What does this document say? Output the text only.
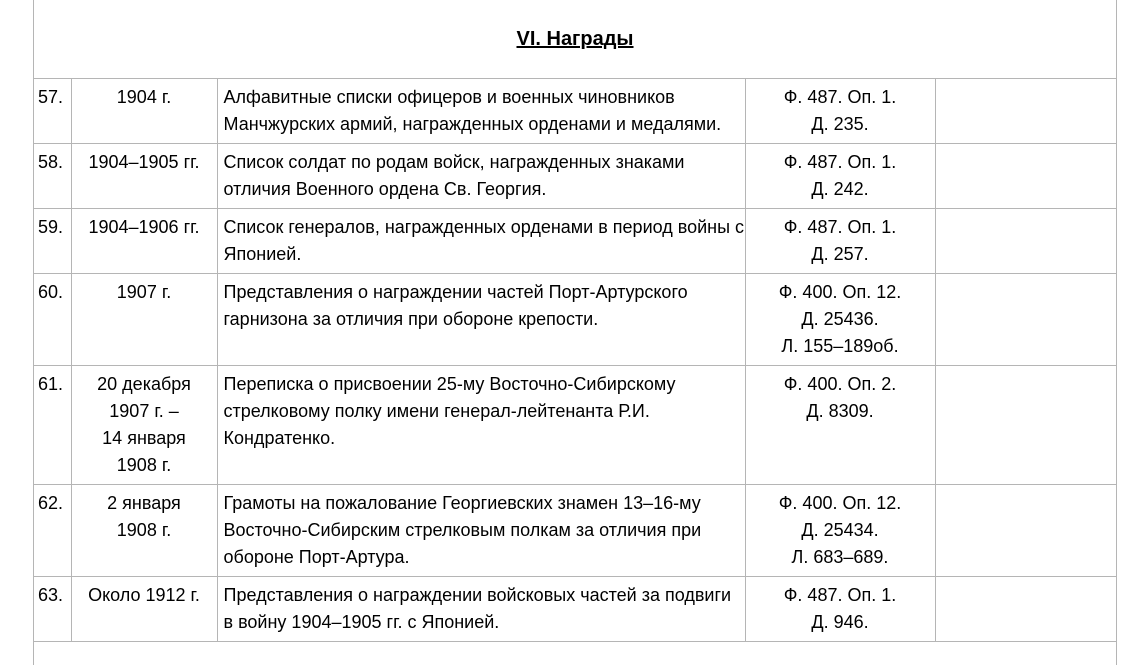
VI. Награды
57.	1904 г.	Алфавитные списки офицеров и военных чиновников Манчжурских армий, награжденных орденами и медалями.	Ф. 487. Оп. 1.
Д. 235.	

58.	1904–1905 гг.	Список солдат по родам войск, награжденных знаками отличия Военного ордена Св. Георгия.	Ф. 487. Оп. 1.
Д. 242.	

59.	1904–1906 гг.	Список генералов, награжденных орденами в период войны с Японией.	Ф. 487. Оп. 1.
Д. 257.	

60.	1907 г.	Представления о награждении частей Порт-Артурского гарнизона за отличия при обороне крепости.	Ф. 400. Оп. 12.
Д. 25436.
Л. 155–189об.	

61.	20 декабря
1907 г. –
14 января
1908 г.	Переписка о присвоении 25-му Восточно-Сибирскому стрелковому полку имени генерал-лейтенанта Р.И. Кондратенко.	Ф. 400. Оп. 2.
Д. 8309.	

62.	2 января
1908 г.	Грамоты на пожалование Георгиевских знамен 13–16-му Восточно-Сибирским стрелковым полкам за отличия при обороне Порт-Артура.	Ф. 400. Оп. 12.
Д. 25434.
Л. 683–689.	

63.	Около 1912 г.	Представления о награждении войсковых частей за подвиги в войну 1904–1905 гг. с Японией.	Ф. 487. Оп. 1.
Д. 946.	
